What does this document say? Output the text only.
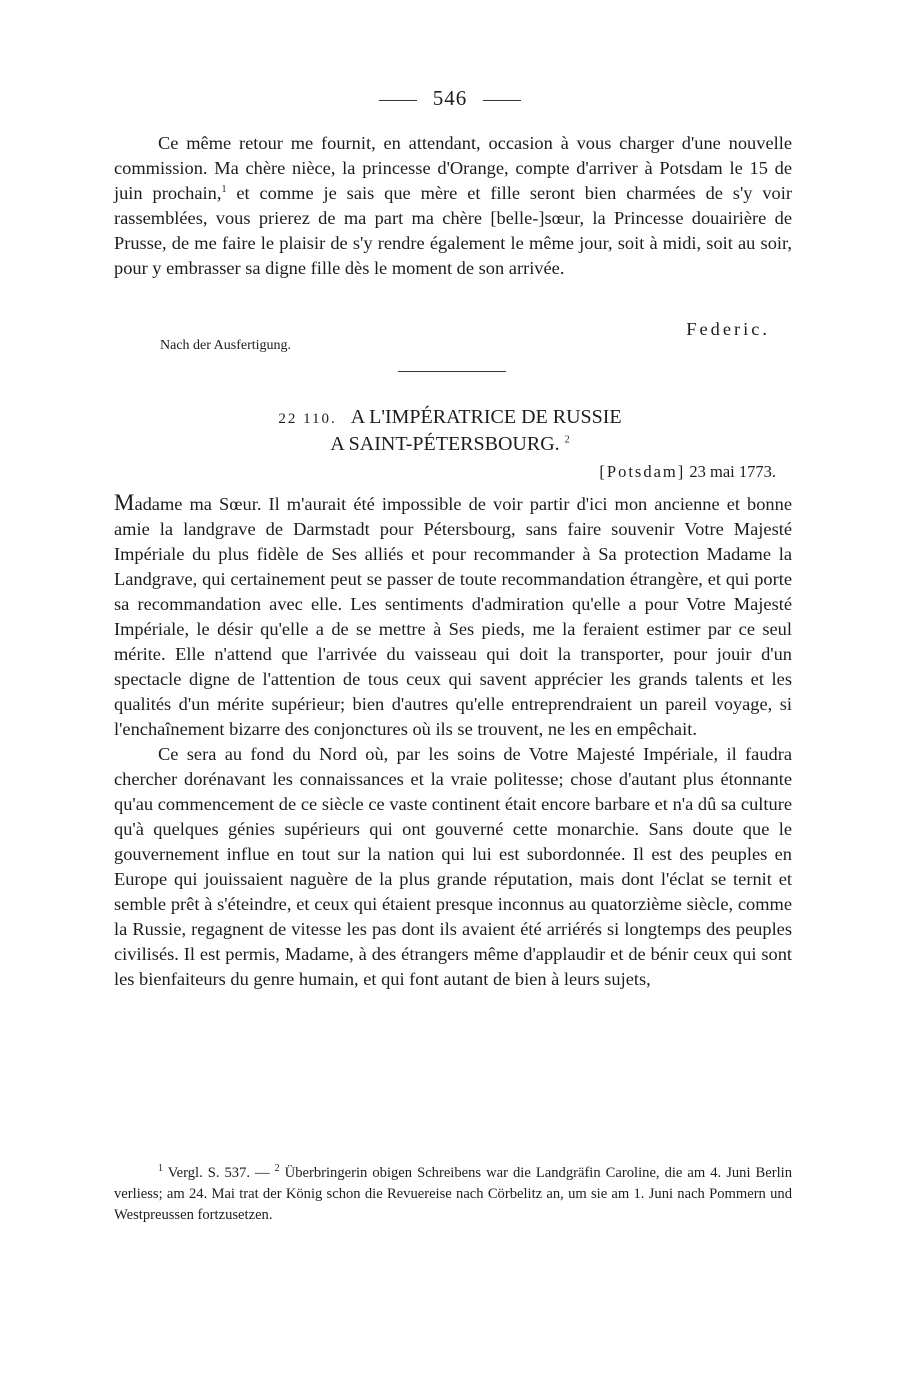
546

Ce même retour me fournit, en attendant, occasion à vous charger d'une nouvelle commission. Ma chère nièce, la princesse d'Orange, compte d'arriver à Potsdam le 15 de juin prochain,$^1$ et comme je sais que mère et fille seront bien charmées de s'y voir rassemblées, vous prierez de ma part ma chère [belle-]sœur, la Princesse douairière de Prusse, de me faire le plaisir de s'y rendre également le même jour, soit à midi, soit au soir, pour y embrasser sa digne fille dès le moment de son arrivée.

Nach der Ausfertigung.
Federic.
22 110. A L'IMPÉRATRICE DE RUSSIE
A SAINT-PÉTERSBOURG. $^2$
[Potsdam] 23 mai 1773.

Madame ma Sœur. Il m'aurait été impossible de voir partir d'ici mon ancienne et bonne amie la landgrave de Darmstadt pour Pétersbourg, sans faire souvenir Votre Majesté Impériale du plus fidèle de Ses alliés et pour recommander à Sa protection Madame la Landgrave, qui certainement peut se passer de toute recommandation étrangère, et qui porte sa recommandation avec elle. Les sentiments d'admiration qu'elle a pour Votre Majesté Impériale, le désir qu'elle a de se mettre à Ses pieds, me la feraient estimer par ce seul mérite. Elle n'attend que l'arrivée du vaisseau qui doit la transporter, pour jouir d'un spectacle digne de l'attention de tous ceux qui savent apprécier les grands talents et les qualités d'un mérite supérieur; bien d'autres qu'elle entreprendraient un pareil voyage, si l'enchaînement bizarre des conjonctures où ils se trouvent, ne les en empêchait.

Ce sera au fond du Nord où, par les soins de Votre Majesté Impériale, il faudra chercher dorénavant les connaissances et la vraie politesse; chose d'autant plus étonnante qu'au commencement de ce siècle ce vaste continent était encore barbare et n'a dû sa culture qu'à quelques génies supérieurs qui ont gouverné cette monarchie. Sans doute que le gouvernement influe en tout sur la nation qui lui est subordonnée. Il est des peuples en Europe qui jouissaient naguère de la plus grande réputation, mais dont l'éclat se ternit et semble prêt à s'éteindre, et ceux qui étaient presque inconnus au quatorzième siècle, comme la Russie, regagnent de vitesse les pas dont ils avaient été arriérés si longtemps des peuples civilisés. Il est permis, Madame, à des étrangers même d'applaudir et de bénir ceux qui sont les bienfaiteurs du genre humain, et qui font autant de bien à leurs sujets,

$^1$ Vergl. S. 537. — $^2$ Überbringerin obigen Schreibens war die Landgräfin Caroline, die am 4. Juni Berlin verliess; am 24. Mai trat der König schon die Revuereise nach Cörbelitz an, um sie am 1. Juni nach Pommern und Westpreussen fortzusetzen.
